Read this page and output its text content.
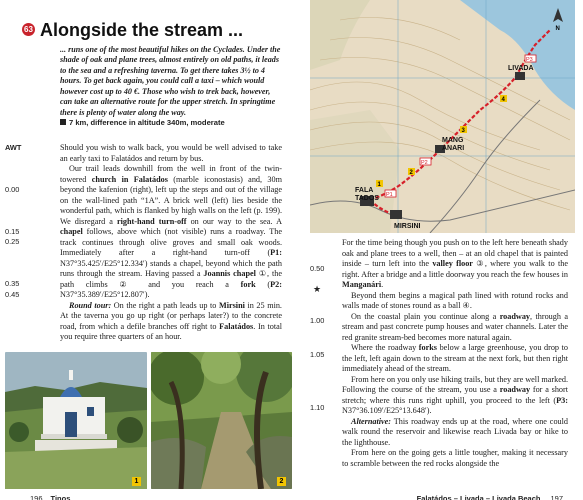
63 Alongside the stream ...

... runs one of the most beautiful hikes on the Cyclades. Under the shade of oak and plane trees, almost entirely on old paths, it leads to the sea and a refreshing taverna. To get there takes 3½ to 4 hours. To get back again, you could call a taxi – which would however cost up to 40 €. Those who wish to trek back, however, can take an alternative route for the upper stretch. In springtime there is plenty of water along the way.

7 km, difference in altitude 340m, moderate

AWT
0.00
0.15
0.25
0.35
0.45

Should you wish to walk back, you would be well advised to take an early taxi to Falatádos and return by bus.

Our trail leads downhill from the well in front of the twin-towered church in Falatádos (marble iconostasis) and, 30m beyond the kafenion (right), left up the steps and out of the village on the wall-lined path “1A”. A brick well (left) lies beside the wonderful path, which is flanked by high walls on the left (p. 199). We disregard a right-hand turn-off on our way to the sea. A chapel follows, above which (not visible) runs a roadway. The track continues through olive groves and small oak woods. Immediately after a right-hand turn-off (P1: N37°35.425′/E25°12.334′) stands a chapel, beyond which the path runs through the stream. Having passed a Joannis chapel ①, the path climbs ② and you reach a fork (P2: N37°35.389′/E25°12.807′).

Round tour: On the right a path leads up to Mirsini in 25 min. At the taverna you go up right (or perhaps later?) to the concrete road, from which a defile branches off right to Falatádos. In total you require three quarters of an hour.

1	2
196 Tinos
1
2
3
4
P1
P2
P3
LIVADA
MANG
ANARI
FALA
TADOS
MIRSINI
N
0.50
★
1.00
1.05
1.10

For the time being though you push on to the left here beneath shady oak and plane trees to a well, then – at an old chapel that is painted inside – turn left into the valley floor ③, where you walk to the right. After a bridge and a little doorway you reach the few houses in Manganári.

Beyond them begins a magical path lined with rotund rocks and walls made of stones round as a ball ④.

On the coastal plain you continue along a roadway, through a stream and past concrete pump houses and water channels. Later the red granite stream-bed becomes more natural again.

Where the roadway forks below a large greenhouse, you drop to the left, left again down to the stream at the next fork, but then right immediately ahead of the stream.

From here on you only use hiking trails, but they are well marked. Following the course of the stream, you use a roadway for a short stretch; where this runs right uphill, you proceed to the left (P3: N37°36.109′/E25°13.648′).

Alternative: This roadway ends up at the road, where one could walk round the reservoir and likewise reach Livada bay or hike to the lighthouse.

From here on the going gets a little tougher, making it necessary to scramble between the red rocks alongside the

Falatádos – Livada – Livada Beach 197
